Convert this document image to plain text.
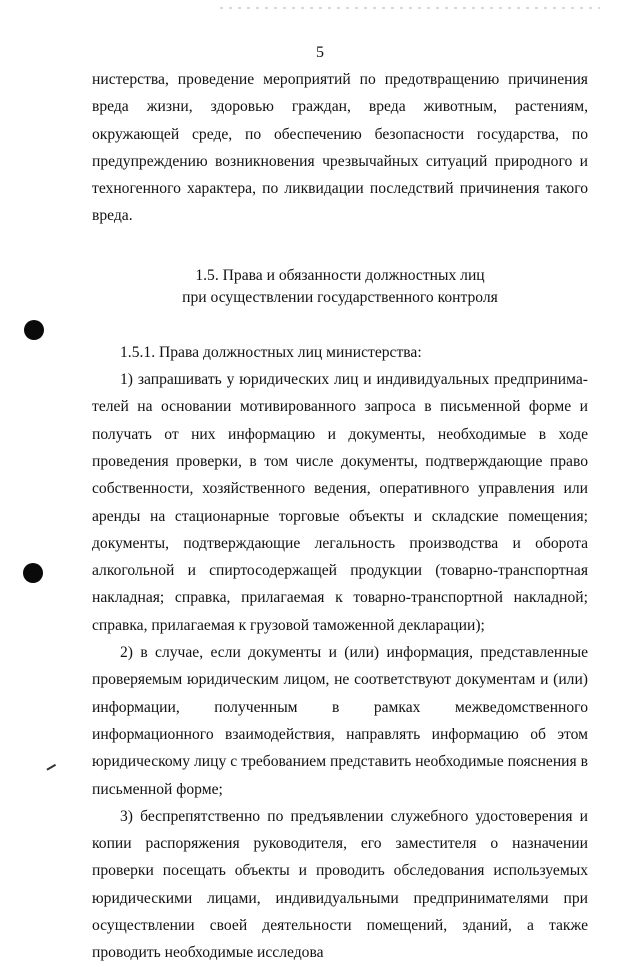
5

нистерства, проведение мероприятий по предотвращению причинения вреда жизни, здоровью граждан, вреда животным, растениям, окружающей среде, по обеспечению безопасности государства, по предупреждению возникновения чрезвычайных ситуаций природного и техногенного характера, по ликвидации последствий причинения такого вреда.

1.5. Права и обязанности должностных лиц
при осуществлении государственного контроля

1.5.1. Права должностных лиц министерства:

1) запрашивать у юридических лиц и индивидуальных предпринимателей на основании мотивированного запроса в письменной форме и получать от них информацию и документы, необходимые в ходе проведения проверки, в том числе документы, подтверждающие право собственности, хозяйственного ведения, оперативного управления или аренды на стационарные торговые объекты и складские помещения; документы, подтверждающие легальность производства и оборота алкогольной и спиртосодержащей продукции (товарно-транспортная накладная; справка, прилагаемая к товарно-транспортной накладной; справка, прилагаемая к грузовой таможенной декларации);

2) в случае, если документы и (или) информация, представленные проверяемым юридическим лицом, не соответствуют документам и (или) информации, полученным в рамках межведомственного информационного взаимодействия, направлять информацию об этом юридическому лицу с требованием представить необходимые пояснения в письменной форме;

3) беспрепятственно по предъявлении служебного удостоверения и копии распоряжения руководителя, его заместителя о назначении проверки посещать объекты и проводить обследования используемых юридическими лицами, индивидуальными предпринимателями при осуществлении своей деятельности помещений, зданий, а также проводить необходимые исследова
